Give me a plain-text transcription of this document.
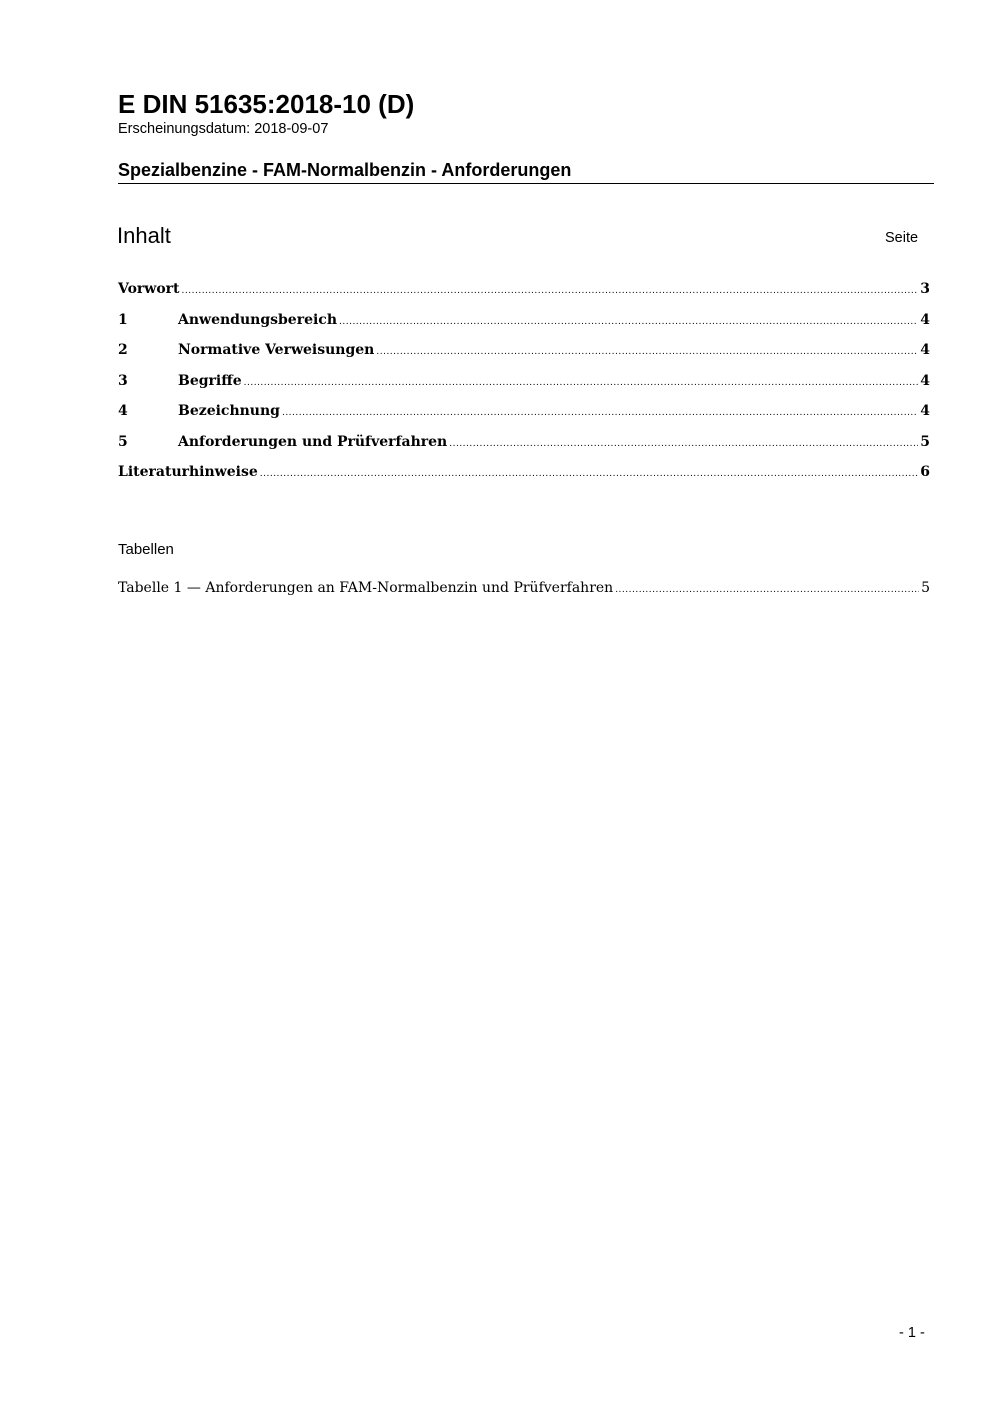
E DIN 51635:2018-10 (D)
Erscheinungsdatum: 2018-09-07
Spezialbenzine - FAM-Normalbenzin - Anforderungen
Inhalt	Seite
Vorwort .....	3
1	Anwendungsbereich .....	4
2	Normative Verweisungen .....	4
3	Begriffe .....	4
4	Bezeichnung .....	4
5	Anforderungen und Prüfverfahren .....	5
Literaturhinweise .....	6
Tabellen
Tabelle 1 — Anforderungen an FAM-Normalbenzin und Prüfverfahren .....	5
- 1 -
